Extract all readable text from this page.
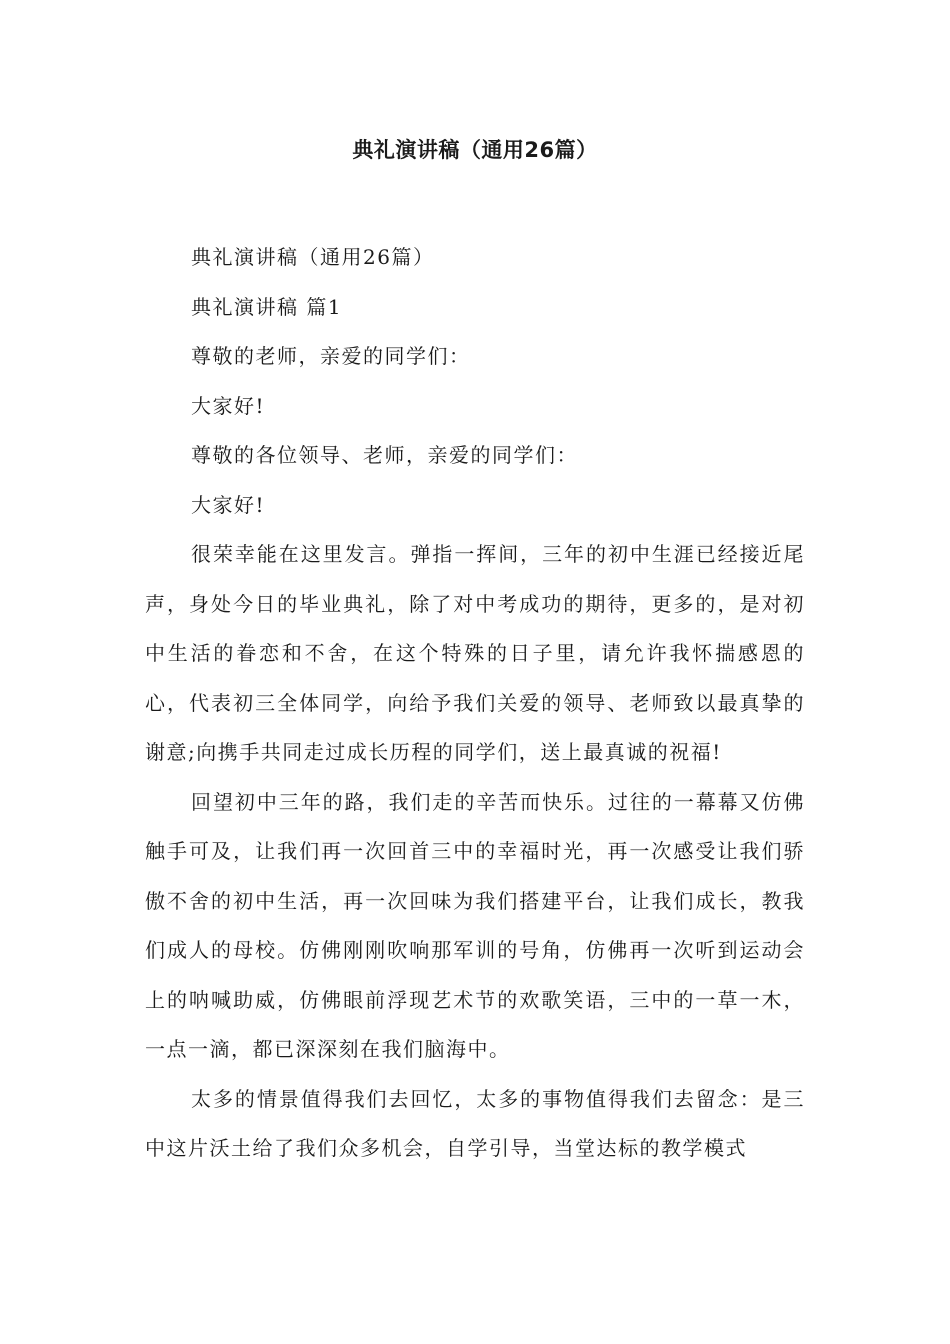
典礼演讲稿（通用26篇）

典礼演讲稿（通用26篇）

典礼演讲稿 篇1

尊敬的老师，亲爱的同学们：

大家好!

尊敬的各位领导、老师，亲爱的同学们：

大家好!

很荣幸能在这里发言。弹指一挥间，三年的初中生涯已经接近尾声，身处今日的毕业典礼，除了对中考成功的期待，更多的，是对初中生活的眷恋和不舍，在这个特殊的日子里，请允许我怀揣感恩的心，代表初三全体同学，向给予我们关爱的领导、老师致以最真挚的谢意;向携手共同走过成长历程的同学们，送上最真诚的祝福!

回望初中三年的路，我们走的辛苦而快乐。过往的一幕幕又仿佛触手可及，让我们再一次回首三中的幸福时光，再一次感受让我们骄傲不舍的初中生活，再一次回味为我们搭建平台，让我们成长，教我们成人的母校。仿佛刚刚吹响那军训的号角，仿佛再一次听到运动会上的呐喊助威，仿佛眼前浮现艺术节的欢歌笑语，三中的一草一木，一点一滴，都已深深刻在我们脑海中。

太多的情景值得我们去回忆，太多的事物值得我们去留念：是三中这片沃土给了我们众多机会，自学引导，当堂达标的教学模式
